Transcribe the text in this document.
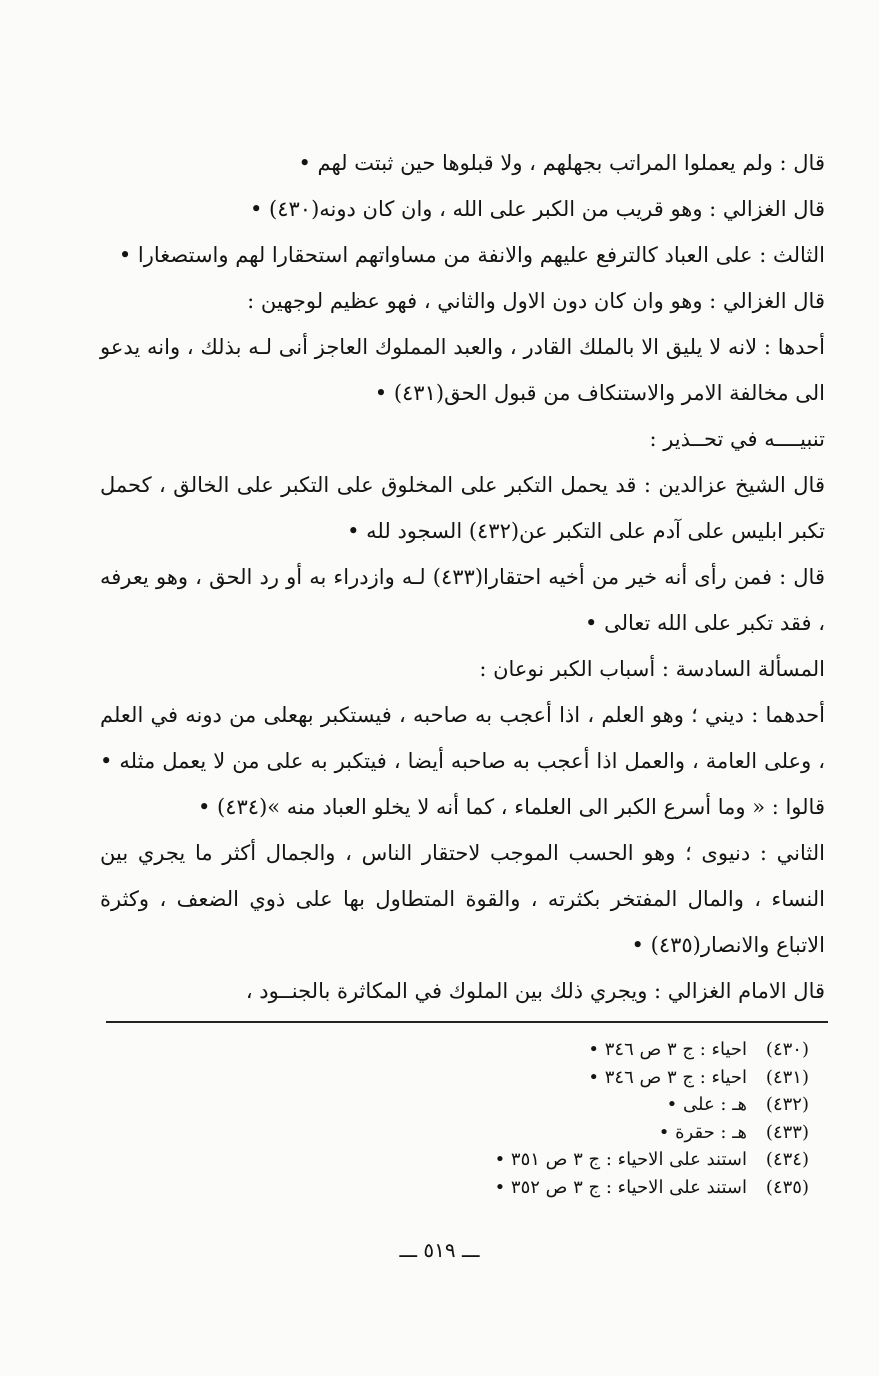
قال : ولم يعملوا المراتب بجهلهم ، ولا قبلوها حين ثبتت لهم •

قال الغزالي : وهو قريب من الكبر على الله ، وان كان دونه(٤٣٠) •

الثالث : على العباد كالترفع عليهم والانفة من مساواتهم استحقارا لهم واستصغارا •

قال الغزالي : وهو وان كان دون الاول والثاني ، فهو عظيم لوجهين :

أحدها : لانه لا يليق الا بالملك القادر ، والعبد المملوك العاجز أنى لـه بذلك ، وانه يدعو الى مخالفة الامر والاستنكاف من قبول الحق(٤٣١) •

تنبيــــه في تحــذير :

قال الشيخ عزالدين : قد يحمل التكبر على المخلوق على التكبر على الخالق ، كحمل تكبر ابليس على آدم على التكبر عن(٤٣٢) السجود لله •

قال : فمن رأى أنه خير من أخيه احتقارا(٤٣٣) لـه وازدراء به أو رد الحق ، وهو يعرفه ، فقد تكبر على الله تعالى •

المسألة السادسة : أسباب الكبر نوعان :

أحدهما : ديني ؛ وهو العلم ، اذا أعجب به صاحبه ، فيستكبر بهعلى من دونه في العلم ، وعلى العامة ، والعمل اذا أعجب به صاحبه أيضا ، فيتكبر به على من لا يعمل مثله • قالوا : « وما أسرع الكبر الى العلماء ، كما أنه لا يخلو العباد منه »(٤٣٤) •

الثاني : دنيوى ؛ وهو الحسب الموجب لاحتقار الناس ، والجمال أكثر ما يجري بين النساء ، والمال المفتخر بكثرته ، والقوة المتطاول بها على ذوي الضعف ، وكثرة الاتباع والانصار(٤٣٥) •

قال الامام الغزالي : ويجري ذلك بين الملوك في المكاثرة بالجنــود ،

(٤٣٠)
احياء : ج ٣ ص ٣٤٦ •
(٤٣١)
احياء : ج ٣ ص ٣٤٦ •
(٤٣٢)
هـ : على •
(٤٣٣)
هـ : حقرة •
(٤٣٤)
استند على الاحياء : ج ٣ ص ٣٥١ •
(٤٣٥)
استند على الاحياء : ج ٣ ص ٣٥٢ •
ـــ ٥١٩ ـــ
